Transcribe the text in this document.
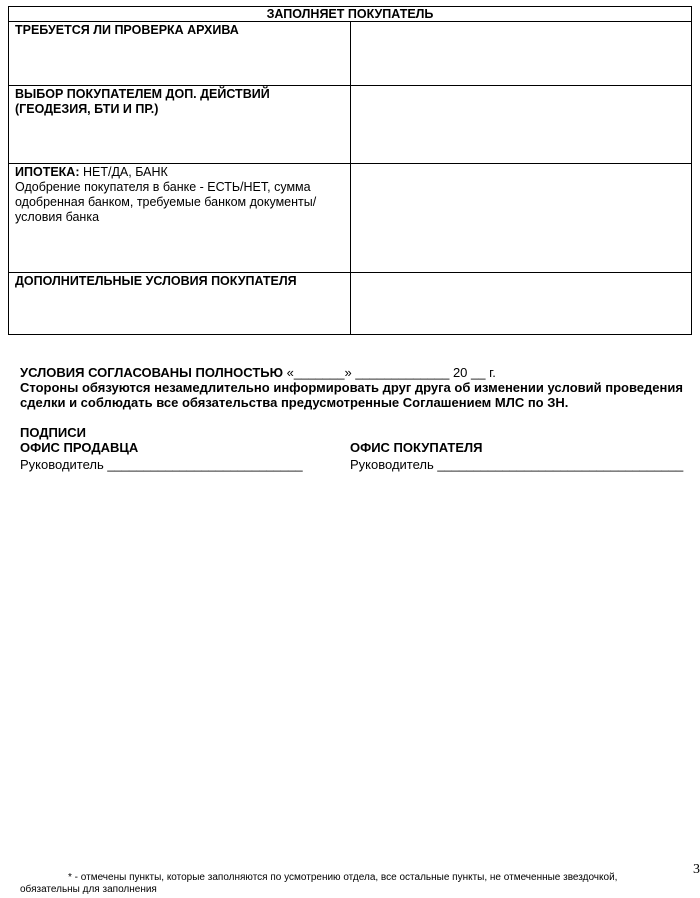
ЗАПОЛНЯЕТ ПОКУПАТЕЛЬ	
ТРЕБУЕТСЯ ЛИ ПРОВЕРКА АРХИВА	
ВЫБОР ПОКУПАТЕЛЕМ ДОП. ДЕЙСТВИЙ (ГЕОДЕЗИЯ, БТИ И ПР.)	
ИПОТЕКА: НЕТ/ДА, БАНК
Одобрение покупателя в банке - ЕСТЬ/НЕТ, сумма одобренная банком, требуемые банком документы/условия банка	
ДОПОЛНИТЕЛЬНЫЕ УСЛОВИЯ ПОКУПАТЕЛЯ	
УСЛОВИЯ СОГЛАСОВАНЫ ПОЛНОСТЬЮ «_______» _____________ 20 __ г.
Стороны обязуются незамедлительно информировать друг друга об изменении условий проведения
сделки и соблюдать все обязательства предусмотренные Соглашением МЛС по ЗН.
ПОДПИСИ
ОФИС ПРОДАВЦА
Руководитель ___________________________
ОФИС ПОКУПАТЕЛЯ
Руководитель __________________________________
* - отмечены пункты, которые заполняются по усмотрению отдела, все остальные пункты, не отмеченные звездочкой,
обязательны для заполнения
3
